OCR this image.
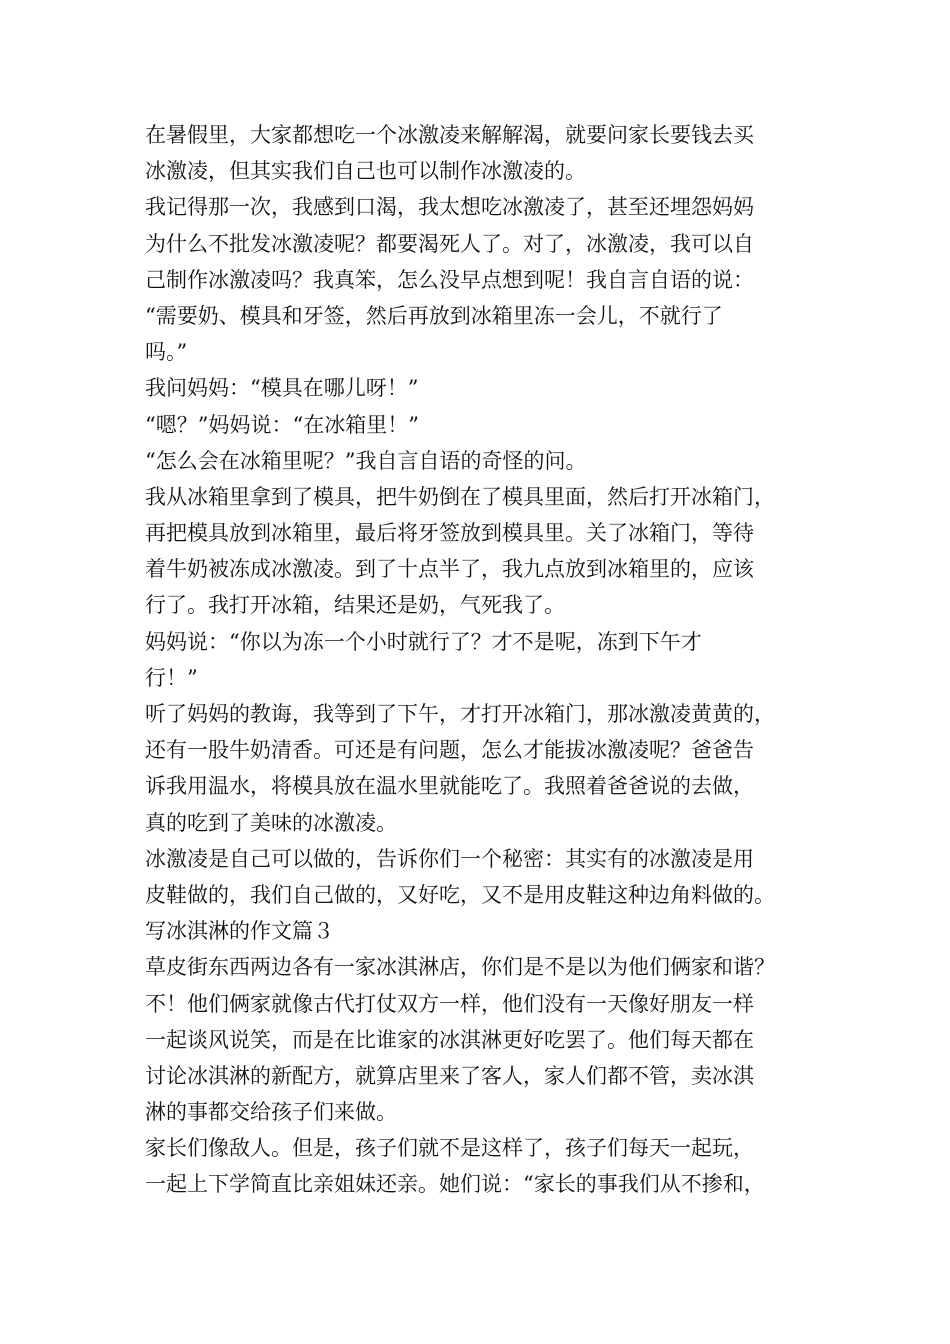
在暑假里，大家都想吃一个冰激凌来解解渴，就要问家长要钱去买
冰激凌，但其实我们自己也可以制作冰激凌的。
我记得那一次，我感到口渴，我太想吃冰激凌了，甚至还埋怨妈妈
为什么不批发冰激凌呢？都要渴死人了。对了，冰激凌，我可以自
己制作冰激凌吗？我真笨，怎么没早点想到呢！我自言自语的说：
“需要奶、模具和牙签，然后再放到冰箱里冻一会儿，不就行了
吗。”
我问妈妈：“模具在哪儿呀！”
“嗯？”妈妈说：“在冰箱里！”
“怎么会在冰箱里呢？”我自言自语的奇怪的问。
我从冰箱里拿到了模具，把牛奶倒在了模具里面，然后打开冰箱门，
再把模具放到冰箱里，最后将牙签放到模具里。关了冰箱门，等待
着牛奶被冻成冰激凌。到了十点半了，我九点放到冰箱里的，应该
行了。我打开冰箱，结果还是奶，气死我了。
妈妈说：“你以为冻一个小时就行了？才不是呢，冻到下午才
行！”
听了妈妈的教诲，我等到了下午，才打开冰箱门，那冰激凌黄黄的，
还有一股牛奶清香。可还是有问题，怎么才能拔冰激凌呢？爸爸告
诉我用温水，将模具放在温水里就能吃了。我照着爸爸说的去做，
真的吃到了美味的冰激凌。
冰激凌是自己可以做的，告诉你们一个秘密：其实有的冰激凌是用
皮鞋做的，我们自己做的，又好吃，又不是用皮鞋这种边角料做的。
写冰淇淋的作文篇３
草皮街东西两边各有一家冰淇淋店，你们是不是以为他们俩家和谐？
不！他们俩家就像古代打仗双方一样，他们没有一天像好朋友一样
一起谈风说笑，而是在比谁家的冰淇淋更好吃罢了。他们每天都在
讨论冰淇淋的新配方，就算店里来了客人，家人们都不管，卖冰淇
淋的事都交给孩子们来做。
家长们像敌人。但是，孩子们就不是这样了，孩子们每天一起玩，
一起上下学简直比亲姐妹还亲。她们说：“家长的事我们从不掺和，
